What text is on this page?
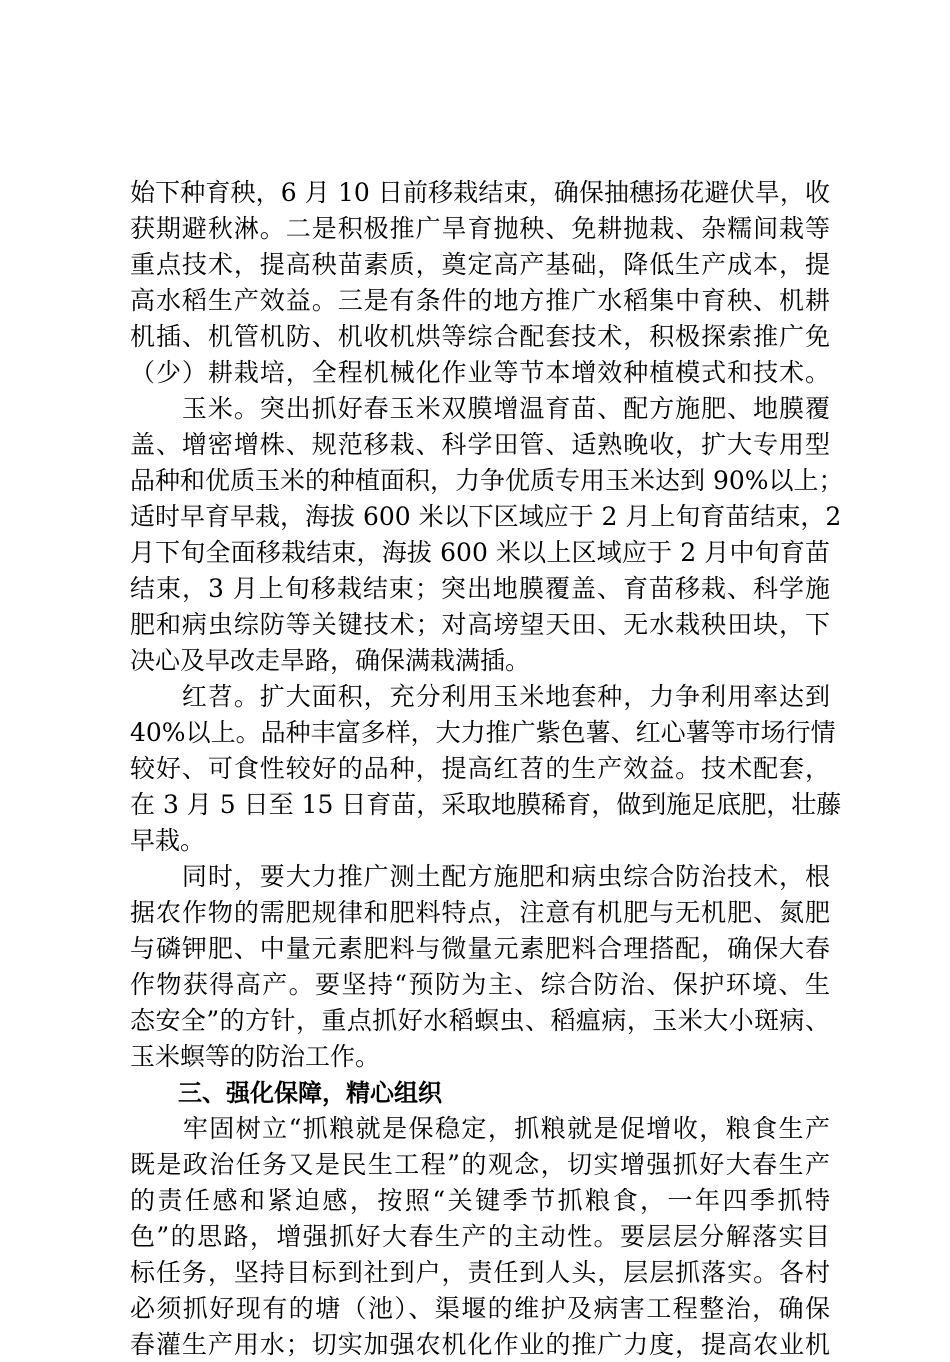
始下种育秧，6 月 10 日前移栽结束，确保抽穗扬花避伏旱，收
获期避秋淋。二是积极推广旱育抛秧、免耕抛栽、杂糯间栽等
重点技术，提高秧苗素质，奠定高产基础，降低生产成本，提
高水稻生产效益。三是有条件的地方推广水稻集中育秧、机耕
机插、机管机防、机收机烘等综合配套技术，积极探索推广免
（少）耕栽培，全程机械化作业等节本增效种植模式和技术。
　　玉米。突出抓好春玉米双膜增温育苗、配方施肥、地膜覆
盖、增密增株、规范移栽、科学田管、适熟晚收，扩大专用型
品种和优质玉米的种植面积，力争优质专用玉米达到 90%以上；
适时早育早栽，海拔 600 米以下区域应于 2 月上旬育苗结束，2
月下旬全面移栽结束，海拔 600 米以上区域应于 2 月中旬育苗
结束，3 月上旬移栽结束；突出地膜覆盖、育苗移栽、科学施
肥和病虫综防等关键技术；对高塝望天田、无水栽秧田块，下
决心及早改走旱路，确保满栽满插。
　　红苕。扩大面积，充分利用玉米地套种，力争利用率达到
40%以上。品种丰富多样，大力推广紫色薯、红心薯等市场行情
较好、可食性较好的品种，提高红苕的生产效益。技术配套，
在 3 月 5 日至 15 日育苗，采取地膜稀育，做到施足底肥，壮藤
早栽。
　　同时，要大力推广测土配方施肥和病虫综合防治技术，根
据农作物的需肥规律和肥料特点，注意有机肥与无机肥、氮肥
与磷钾肥、中量元素肥料与微量元素肥料合理搭配，确保大春
作物获得高产。要坚持“预防为主、综合防治、保护环境、生
态安全”的方针，重点抓好水稻螟虫、稻瘟病，玉米大小斑病、
玉米螟等的防治工作。
　　三、强化保障，精心组织
　　牢固树立“抓粮就是保稳定，抓粮就是促增收，粮食生产
既是政治任务又是民生工程”的观念，切实增强抓好大春生产
的责任感和紧迫感，按照“关键季节抓粮食，一年四季抓特
色”的思路，增强抓好大春生产的主动性。要层层分解落实目
标任务，坚持目标到社到户，责任到人头，层层抓落实。各村
必须抓好现有的塘（池）、渠堰的维护及病害工程整治，确保
春灌生产用水；切实加强农机化作业的推广力度，提高农业机
